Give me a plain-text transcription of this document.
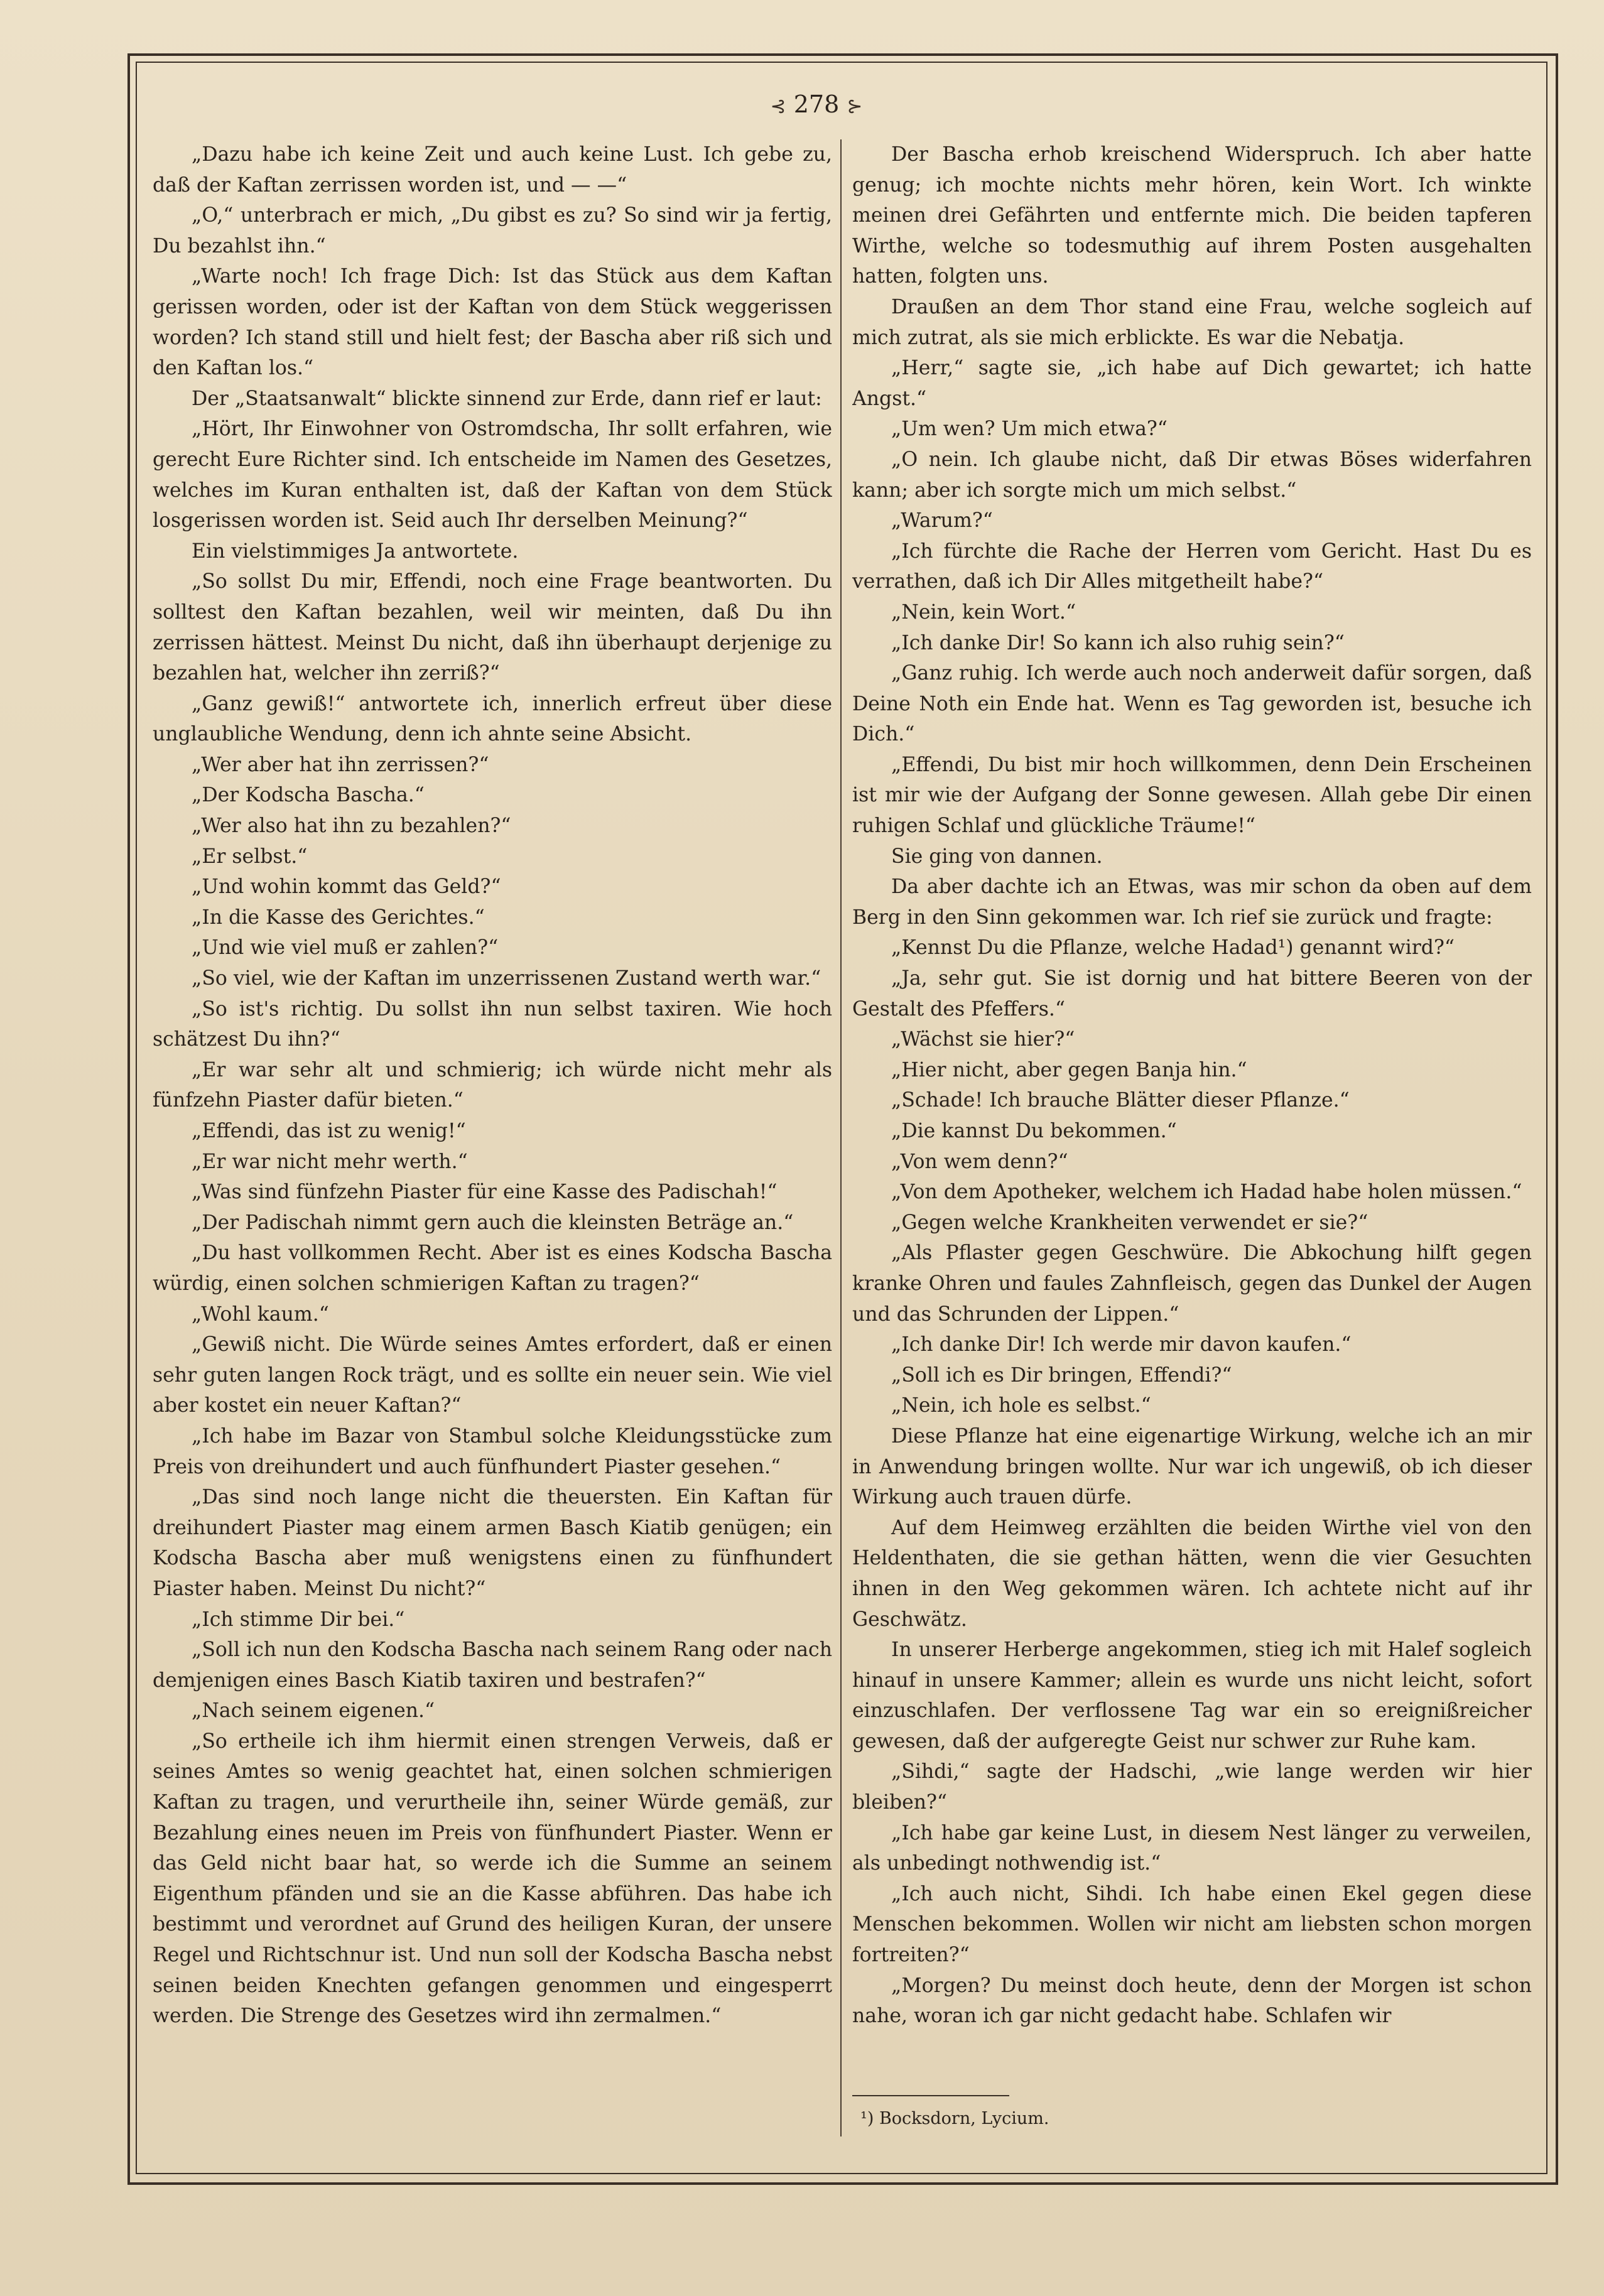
⊰ 278 ⊱

„Dazu habe ich keine Zeit und auch keine Lust. Ich gebe zu, daß der Kaftan zerrissen worden ist, und — —“

„O,“ unterbrach er mich, „Du gibst es zu? So sind wir ja fertig, Du bezahlst ihn.“

„Warte noch! Ich frage Dich: Ist das Stück aus dem Kaftan gerissen worden, oder ist der Kaftan von dem Stück weggerissen worden? Ich stand still und hielt fest; der Bascha aber riß sich und den Kaftan los.“

Der „Staatsanwalt“ blickte sinnend zur Erde, dann rief er laut:

„Hört, Ihr Einwohner von Ostromdscha, Ihr sollt erfahren, wie gerecht Eure Richter sind. Ich entscheide im Namen des Gesetzes, welches im Kuran enthalten ist, daß der Kaftan von dem Stück losgerissen worden ist. Seid auch Ihr derselben Meinung?“

Ein vielstimmiges Ja antwortete.

„So sollst Du mir, Effendi, noch eine Frage beantworten. Du solltest den Kaftan bezahlen, weil wir meinten, daß Du ihn zerrissen hättest. Meinst Du nicht, daß ihn überhaupt derjenige zu bezahlen hat, welcher ihn zerriß?“

„Ganz gewiß!“ antwortete ich, innerlich erfreut über diese unglaubliche Wendung, denn ich ahnte seine Absicht.

„Wer aber hat ihn zerrissen?“

„Der Kodscha Bascha.“

„Wer also hat ihn zu bezahlen?“

„Er selbst.“

„Und wohin kommt das Geld?“

„In die Kasse des Gerichtes.“

„Und wie viel muß er zahlen?“

„So viel, wie der Kaftan im unzerrissenen Zustand werth war.“

„So ist's richtig. Du sollst ihn nun selbst taxiren. Wie hoch schätzest Du ihn?“

„Er war sehr alt und schmierig; ich würde nicht mehr als fünfzehn Piaster dafür bieten.“

„Effendi, das ist zu wenig!“

„Er war nicht mehr werth.“

„Was sind fünfzehn Piaster für eine Kasse des Padischah!“

„Der Padischah nimmt gern auch die kleinsten Beträge an.“

„Du hast vollkommen Recht. Aber ist es eines Kodscha Bascha würdig, einen solchen schmierigen Kaftan zu tragen?“

„Wohl kaum.“

„Gewiß nicht. Die Würde seines Amtes erfordert, daß er einen sehr guten langen Rock trägt, und es sollte ein neuer sein. Wie viel aber kostet ein neuer Kaftan?“

„Ich habe im Bazar von Stambul solche Kleidungsstücke zum Preis von dreihundert und auch fünfhundert Piaster gesehen.“

„Das sind noch lange nicht die theuersten. Ein Kaftan für dreihundert Piaster mag einem armen Basch Kiatib genügen; ein Kodscha Bascha aber muß wenigstens einen zu fünfhundert Piaster haben. Meinst Du nicht?“

„Ich stimme Dir bei.“

„Soll ich nun den Kodscha Bascha nach seinem Rang oder nach demjenigen eines Basch Kiatib taxiren und bestrafen?“

„Nach seinem eigenen.“

„So ertheile ich ihm hiermit einen strengen Verweis, daß er seines Amtes so wenig geachtet hat, einen solchen schmierigen Kaftan zu tragen, und verurtheile ihn, seiner Würde gemäß, zur Bezahlung eines neuen im Preis von fünfhundert Piaster. Wenn er das Geld nicht baar hat, so werde ich die Summe an seinem Eigenthum pfänden und sie an die Kasse abführen. Das habe ich bestimmt und verordnet auf Grund des heiligen Kuran, der unsere Regel und Richtschnur ist. Und nun soll der Kodscha Bascha nebst seinen beiden Knechten gefangen genommen und eingesperrt werden. Die Strenge des Gesetzes wird ihn zermalmen.“

Der Bascha erhob kreischend Widerspruch. Ich aber hatte genug; ich mochte nichts mehr hören, kein Wort. Ich winkte meinen drei Gefährten und entfernte mich. Die beiden tapferen Wirthe, welche so todesmuthig auf ihrem Posten ausgehalten hatten, folgten uns.

Draußen an dem Thor stand eine Frau, welche sogleich auf mich zutrat, als sie mich erblickte. Es war die Nebatja.

„Herr,“ sagte sie, „ich habe auf Dich gewartet; ich hatte Angst.“

„Um wen? Um mich etwa?“

„O nein. Ich glaube nicht, daß Dir etwas Böses widerfahren kann; aber ich sorgte mich um mich selbst.“

„Warum?“

„Ich fürchte die Rache der Herren vom Gericht. Hast Du es verrathen, daß ich Dir Alles mitgetheilt habe?“

„Nein, kein Wort.“

„Ich danke Dir! So kann ich also ruhig sein?“

„Ganz ruhig. Ich werde auch noch anderweit dafür sorgen, daß Deine Noth ein Ende hat. Wenn es Tag geworden ist, besuche ich Dich.“

„Effendi, Du bist mir hoch willkommen, denn Dein Erscheinen ist mir wie der Aufgang der Sonne gewesen. Allah gebe Dir einen ruhigen Schlaf und glückliche Träume!“

Sie ging von dannen.

Da aber dachte ich an Etwas, was mir schon da oben auf dem Berg in den Sinn gekommen war. Ich rief sie zurück und fragte:

„Kennst Du die Pflanze, welche Hadad¹) genannt wird?“

„Ja, sehr gut. Sie ist dornig und hat bittere Beeren von der Gestalt des Pfeffers.“

„Wächst sie hier?“

„Hier nicht, aber gegen Banja hin.“

„Schade! Ich brauche Blätter dieser Pflanze.“

„Die kannst Du bekommen.“

„Von wem denn?“

„Von dem Apotheker, welchem ich Hadad habe holen müssen.“

„Gegen welche Krankheiten verwendet er sie?“

„Als Pflaster gegen Geschwüre. Die Abkochung hilft gegen kranke Ohren und faules Zahnfleisch, gegen das Dunkel der Augen und das Schrunden der Lippen.“

„Ich danke Dir! Ich werde mir davon kaufen.“

„Soll ich es Dir bringen, Effendi?“

„Nein, ich hole es selbst.“

Diese Pflanze hat eine eigenartige Wirkung, welche ich an mir in Anwendung bringen wollte. Nur war ich ungewiß, ob ich dieser Wirkung auch trauen dürfe.

Auf dem Heimweg erzählten die beiden Wirthe viel von den Heldenthaten, die sie gethan hätten, wenn die vier Gesuchten ihnen in den Weg gekommen wären. Ich achtete nicht auf ihr Geschwätz.

In unserer Herberge angekommen, stieg ich mit Halef sogleich hinauf in unsere Kammer; allein es wurde uns nicht leicht, sofort einzuschlafen. Der verflossene Tag war ein so ereignißreicher gewesen, daß der aufgeregte Geist nur schwer zur Ruhe kam.

„Sihdi,“ sagte der Hadschi, „wie lange werden wir hier bleiben?“

„Ich habe gar keine Lust, in diesem Nest länger zu verweilen, als unbedingt nothwendig ist.“

„Ich auch nicht, Sihdi. Ich habe einen Ekel gegen diese Menschen bekommen. Wollen wir nicht am liebsten schon morgen fortreiten?“

„Morgen? Du meinst doch heute, denn der Morgen ist schon nahe, woran ich gar nicht gedacht habe. Schlafen wir

¹) Bocksdorn, Lycium.
